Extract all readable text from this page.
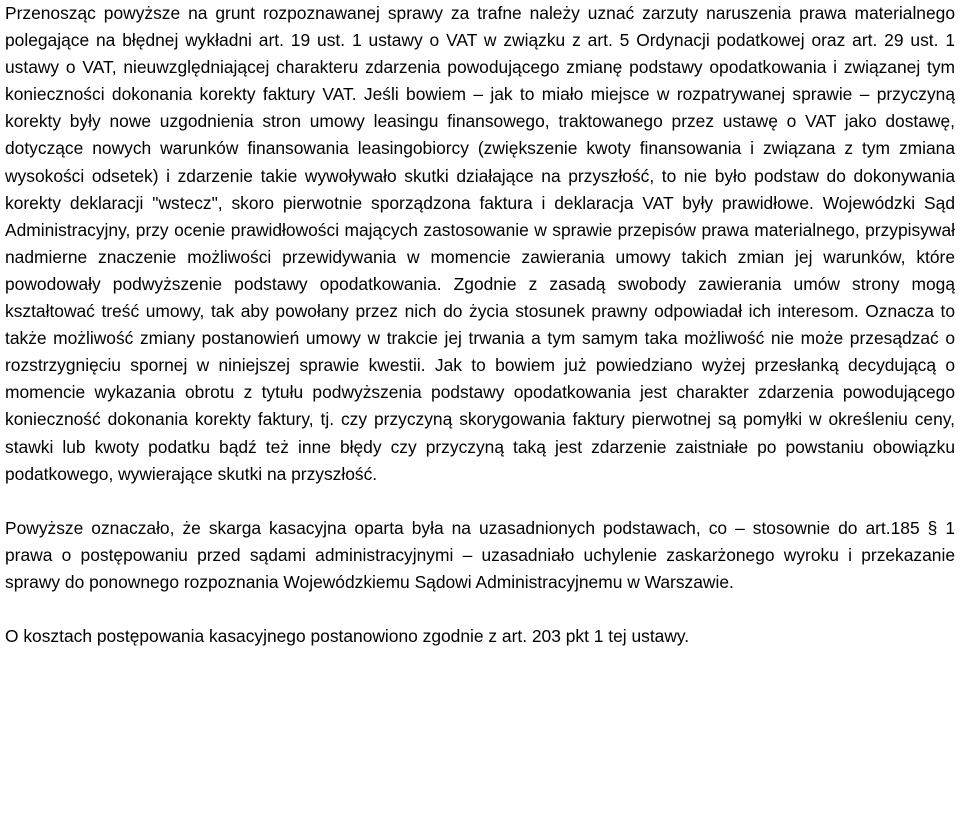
Przenosząc powyższe na grunt rozpoznawanej sprawy za trafne należy uznać zarzuty naruszenia prawa materialnego polegające na błędnej wykładni art. 19 ust. 1 ustawy o VAT w związku z art. 5 Ordynacji podatkowej oraz art. 29 ust. 1 ustawy o VAT, nieuwzględniającej charakteru zdarzenia powodującego zmianę podstawy opodatkowania i związanej tym konieczności dokonania korekty faktury VAT. Jeśli bowiem – jak to miało miejsce w rozpatrywanej sprawie – przyczyną korekty były nowe uzgodnienia stron umowy leasingu finansowego, traktowanego przez ustawę o VAT jako dostawę, dotyczące nowych warunków finansowania leasingobiorcy (zwiększenie kwoty finansowania i związana z tym zmiana wysokości odsetek) i zdarzenie takie wywoływało skutki działające na przyszłość, to nie było podstaw do dokonywania korekty deklaracji "wstecz", skoro pierwotnie sporządzona faktura i deklaracja VAT były prawidłowe. Wojewódzki Sąd Administracyjny, przy ocenie prawidłowości mających zastosowanie w sprawie przepisów prawa materialnego, przypisywał nadmierne znaczenie możliwości przewidywania w momencie zawierania umowy takich zmian jej warunków, które powodowały podwyższenie podstawy opodatkowania. Zgodnie z zasadą swobody zawierania umów strony mogą kształtować treść umowy, tak aby powołany przez nich do życia stosunek prawny odpowiadał ich interesom. Oznacza to także możliwość zmiany postanowień umowy w trakcie jej trwania a tym samym taka możliwość nie może przesądzać o rozstrzygnięciu spornej w niniejszej sprawie kwestii. Jak to bowiem już powiedziano wyżej przesłanką decydującą o momencie wykazania obrotu z tytułu podwyższenia podstawy opodatkowania jest charakter zdarzenia powodującego konieczność dokonania korekty faktury, tj. czy przyczyną skorygowania faktury pierwotnej są pomyłki w określeniu ceny, stawki lub kwoty podatku bądź też inne błędy czy przyczyną taką jest zdarzenie zaistniałe po powstaniu obowiązku podatkowego, wywierające skutki na przyszłość.

Powyższe oznaczało, że skarga kasacyjna oparta była na uzasadnionych podstawach, co – stosownie do art.185 § 1 prawa o postępowaniu przed sądami administracyjnymi – uzasadniało uchylenie zaskarżonego wyroku i przekazanie sprawy do ponownego rozpoznania Wojewódzkiemu Sądowi Administracyjnemu w Warszawie.

O kosztach postępowania kasacyjnego postanowiono zgodnie z art. 203 pkt 1 tej ustawy.
